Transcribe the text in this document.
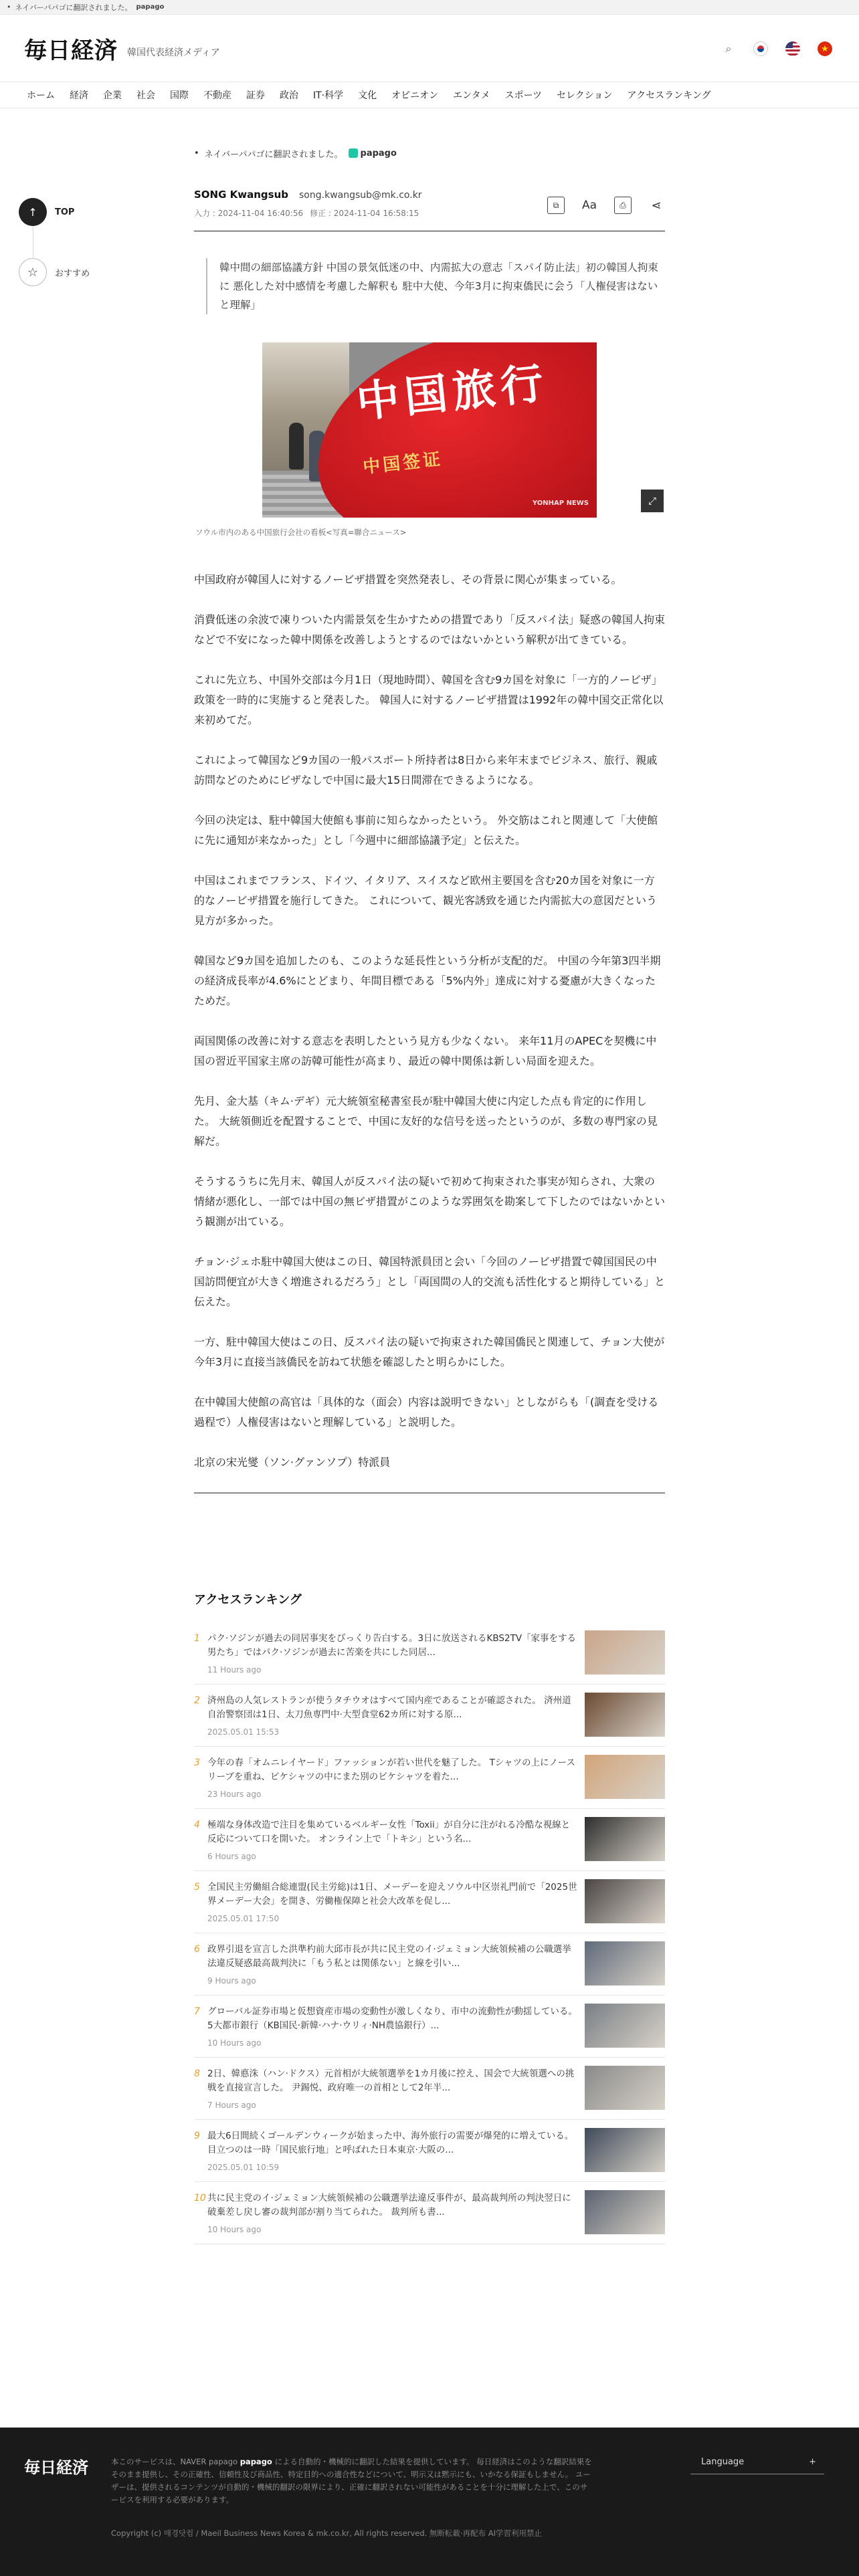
• ネイバーパパゴに翻訳されました。 papago
毎日経済 韓国代表経済メディア	⌕	★
ホーム 経済 企業 社会 国際 不動産 証券 政治 IT·科学 文化 オピニオン エンタメ スポーツ セレクション アクセスランキング
↑	TOP
☆	おすすめ
• ネイバーパパゴに翻訳されました。 papago
SONG Kwangsub song.kwangsub@mk.co.kr
入力 : 2024-11-04 16:40:56 修正 : 2024-11-04 16:58:15
⧉	Aa	⎙	⋖
韓中間の細部協議方針 中国の景気低迷の中、内需拡大の意志「スパイ防止法」初の韓国人拘束に 悪化した対中感情を考慮した解釈も 駐中大使、今年3月に拘束僑民に会う「人権侵害はないと理解」
中国旅行
中国签证
YONHAP NEWS	⤢
ソウル市内のある中国旅行会社の看板<写真=聯合ニュース>

中国政府が韓国人に対するノービザ措置を突然発表し、その背景に関心が集まっている。

消費低迷の余波で凍りついた内需景気を生かすための措置であり「反スパイ法」疑惑の韓国人拘束などで不安になった韓中関係を改善しようとするのではないかという解釈が出てきている。

これに先立ち、中国外交部は今月1日（現地時間）、韓国を含む9カ国を対象に「一方的ノービザ」政策を一時的に実施すると発表した。 韓国人に対するノービザ措置は1992年の韓中国交正常化以来初めてだ。

これによって韓国など9カ国の一般パスポート所持者は8日から来年末までビジネス、旅行、親戚訪問などのためにビザなしで中国に最大15日間滞在できるようになる。

今回の決定は、駐中韓国大使館も事前に知らなかったという。 外交筋はこれと関連して「大使館に先に通知が来なかった」とし「今週中に細部協議予定」と伝えた。

中国はこれまでフランス、ドイツ、イタリア、スイスなど欧州主要国を含む20カ国を対象に一方的なノービザ措置を施行してきた。 これについて、観光客誘致を通じた内需拡大の意図だという見方が多かった。

韓国など9カ国を追加したのも、このような延長性という分析が支配的だ。 中国の今年第3四半期の経済成長率が4.6%にとどまり、年間目標である「5%内外」達成に対する憂慮が大きくなったためだ。

両国関係の改善に対する意志を表明したという見方も少なくない。 来年11月のAPECを契機に中国の習近平国家主席の訪韓可能性が高まり、最近の韓中関係は新しい局面を迎えた。

先月、金大基（キム·デギ）元大統領室秘書室長が駐中韓国大使に内定した点も肯定的に作用した。 大統領側近を配置することで、中国に友好的な信号を送ったというのが、多数の専門家の見解だ。

そうするうちに先月末、韓国人が反スパイ法の疑いで初めて拘束された事実が知らされ、大衆の情緒が悪化し、一部では中国の無ビザ措置がこのような雰囲気を勘案して下したのではないかという観測が出ている。

チョン·ジェホ駐中韓国大使はこの日、韓国特派員団と会い「今回のノービザ措置で韓国国民の中国訪問便宜が大きく増進されるだろう」とし「両国間の人的交流も活性化すると期待している」と伝えた。

一方、駐中韓国大使はこの日、反スパイ法の疑いで拘束された韓国僑民と関連して、チョン大使が今年3月に直接当該僑民を訪ねて状態を確認したと明らかにした。

在中韓国大使館の高官は「具体的な（面会）内容は説明できない」としながらも「(調査を受ける過程で）人権侵害はないと理解している」と説明した。

北京の宋光燮（ソン·グァンソプ）特派員

アクセスランキング
1 パク·ソジンが過去の同居事実をびっくり告白する。3日に放送されるKBS2TV「家事をする男たち」ではパク·ソジンが過去に苦楽を共にした同居...
11 Hours ago
2 済州島の人気レストランが使うタチウオはすべて国内産であることが確認された。 済州道自治警察団は1日、太刀魚専門中·大型食堂62カ所に対する原...
2025.05.01 15:53
3 今年の春「オムニレイヤード」ファッションが若い世代を魅了した。 Tシャツの上にノースリーブを重ね、ビケシャツの中にまた別のビケシャツを着た...
23 Hours ago
4 極端な身体改造で注目を集めているベルギー女性「Toxii」が自分に注がれる冷酷な視線と反応について口を開いた。 オンライン上で「トキシ」という名...
6 Hours ago
5 全国民主労働組合総連盟(民主労総)は1日、メーデーを迎えソウル中区崇礼門前で「2025世界メーデー大会」を開き、労働権保障と社会大改革を促し...
2025.05.01 17:50
6 政界引退を宣言した洪準杓前大邱市長が共に民主党のイ·ジェミョン大統領候補の公職選挙法違反疑惑最高裁判決に「もう私とは関係ない」と線を引い...
9 Hours ago
7 グローバル証券市場と仮想資産市場の変動性が激しくなり、市中の流動性が動揺している。 5大都市銀行（KB国民·新韓·ハナ·ウリィ·NH農協銀行）...
10 Hours ago
8 2日、韓悳洙（ハン·ドクス）元首相が大統領選挙を1カ月後に控え、国会で大統領選への挑戦を直接宣言した。 尹錫悦、政府唯一の首相として2年半...
7 Hours ago
9 最大6日間続くゴールデンウィークが始まった中、海外旅行の需要が爆発的に増えている。 目立つのは一時「国民旅行地」と呼ばれた日本東京·大阪の...
2025.05.01 10:59
10 共に民主党のイ·ジェミョン大統領候補の公職選挙法違反事件が、最高裁判所の判決翌日に破棄差し戻し審の裁判部が割り当てられた。 裁判所も書...
10 Hours ago
毎日経済	本このサービスは、NAVER papago papago による自動的・機械的に翻訳した結果を提供しています。 毎日経済はこのような翻訳結果をそのまま提供し、その正確性、信頼性及び商品性、特定目的への適合性などについて、明示又は黙示にも、いかなる保証もしません。 ユーザーは、提供されるコンテンツが自動的・機械的翻訳の限界により、正確に翻訳されない可能性があることを十分に理解した上で、このサービスを利用する必要があります。
Copyright (c) 매경닷컴 / Maeil Business News Korea & mk.co.kr, All rights reserved. 無断転載·再配布 AI学習利用禁止
Language	+
